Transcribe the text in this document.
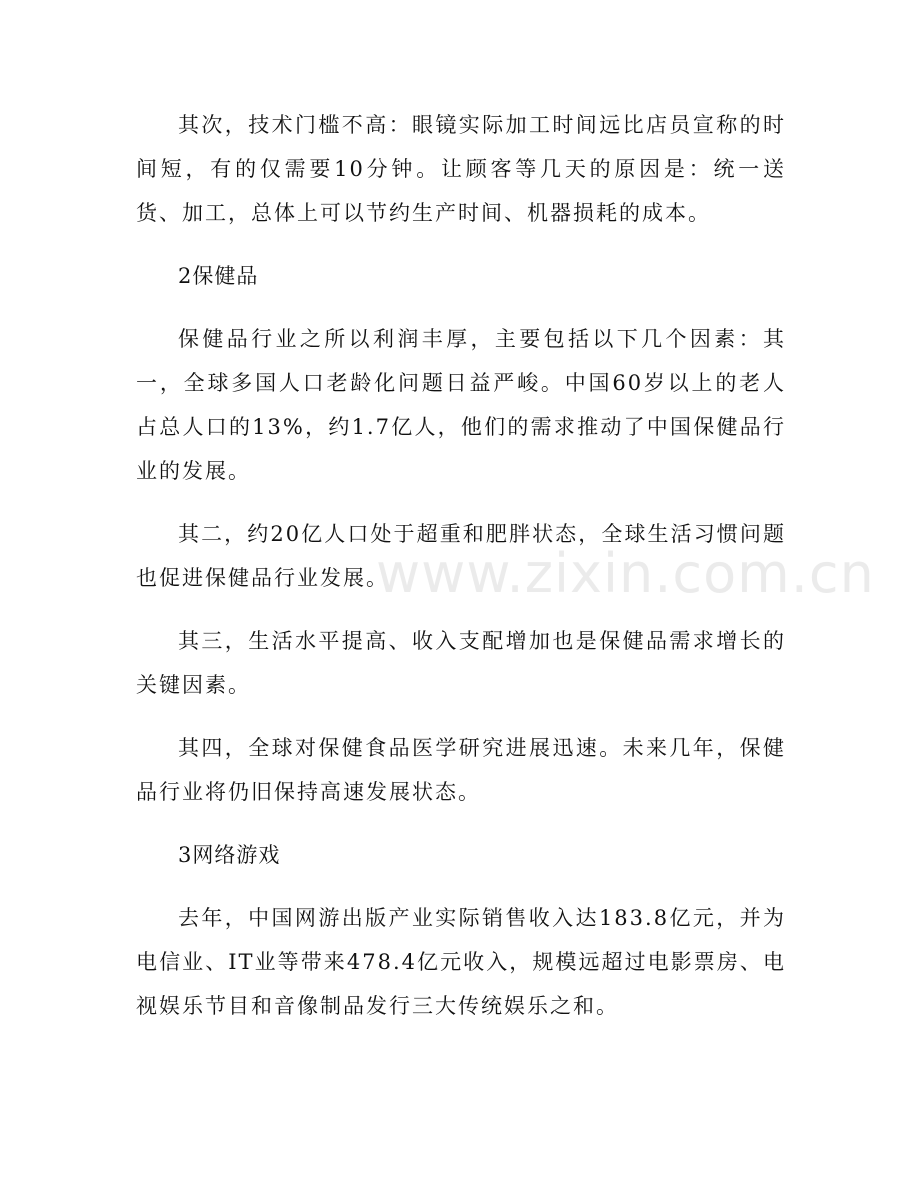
其次，技术门槛不高：眼镜实际加工时间远比店员宣称的时间短，有的仅需要10分钟。让顾客等几天的原因是：统一送货、加工，总体上可以节约生产时间、机器损耗的成本。

2保健品

保健品行业之所以利润丰厚，主要包括以下几个因素：其一，全球多国人口老龄化问题日益严峻。中国60岁以上的老人占总人口的13%，约1.7亿人，他们的需求推动了中国保健品行业的发展。

其二，约20亿人口处于超重和肥胖状态，全球生活习惯问题也促进保健品行业发展。

其三，生活水平提高、收入支配增加也是保健品需求增长的关键因素。

其四，全球对保健食品医学研究进展迅速。未来几年，保健品行业将仍旧保持高速发展状态。

3网络游戏

去年，中国网游出版产业实际销售收入达183.8亿元，并为电信业、IT业等带来478.4亿元收入，规模远超过电影票房、电视娱乐节目和音像制品发行三大传统娱乐之和。

www.zixin.com.cn
